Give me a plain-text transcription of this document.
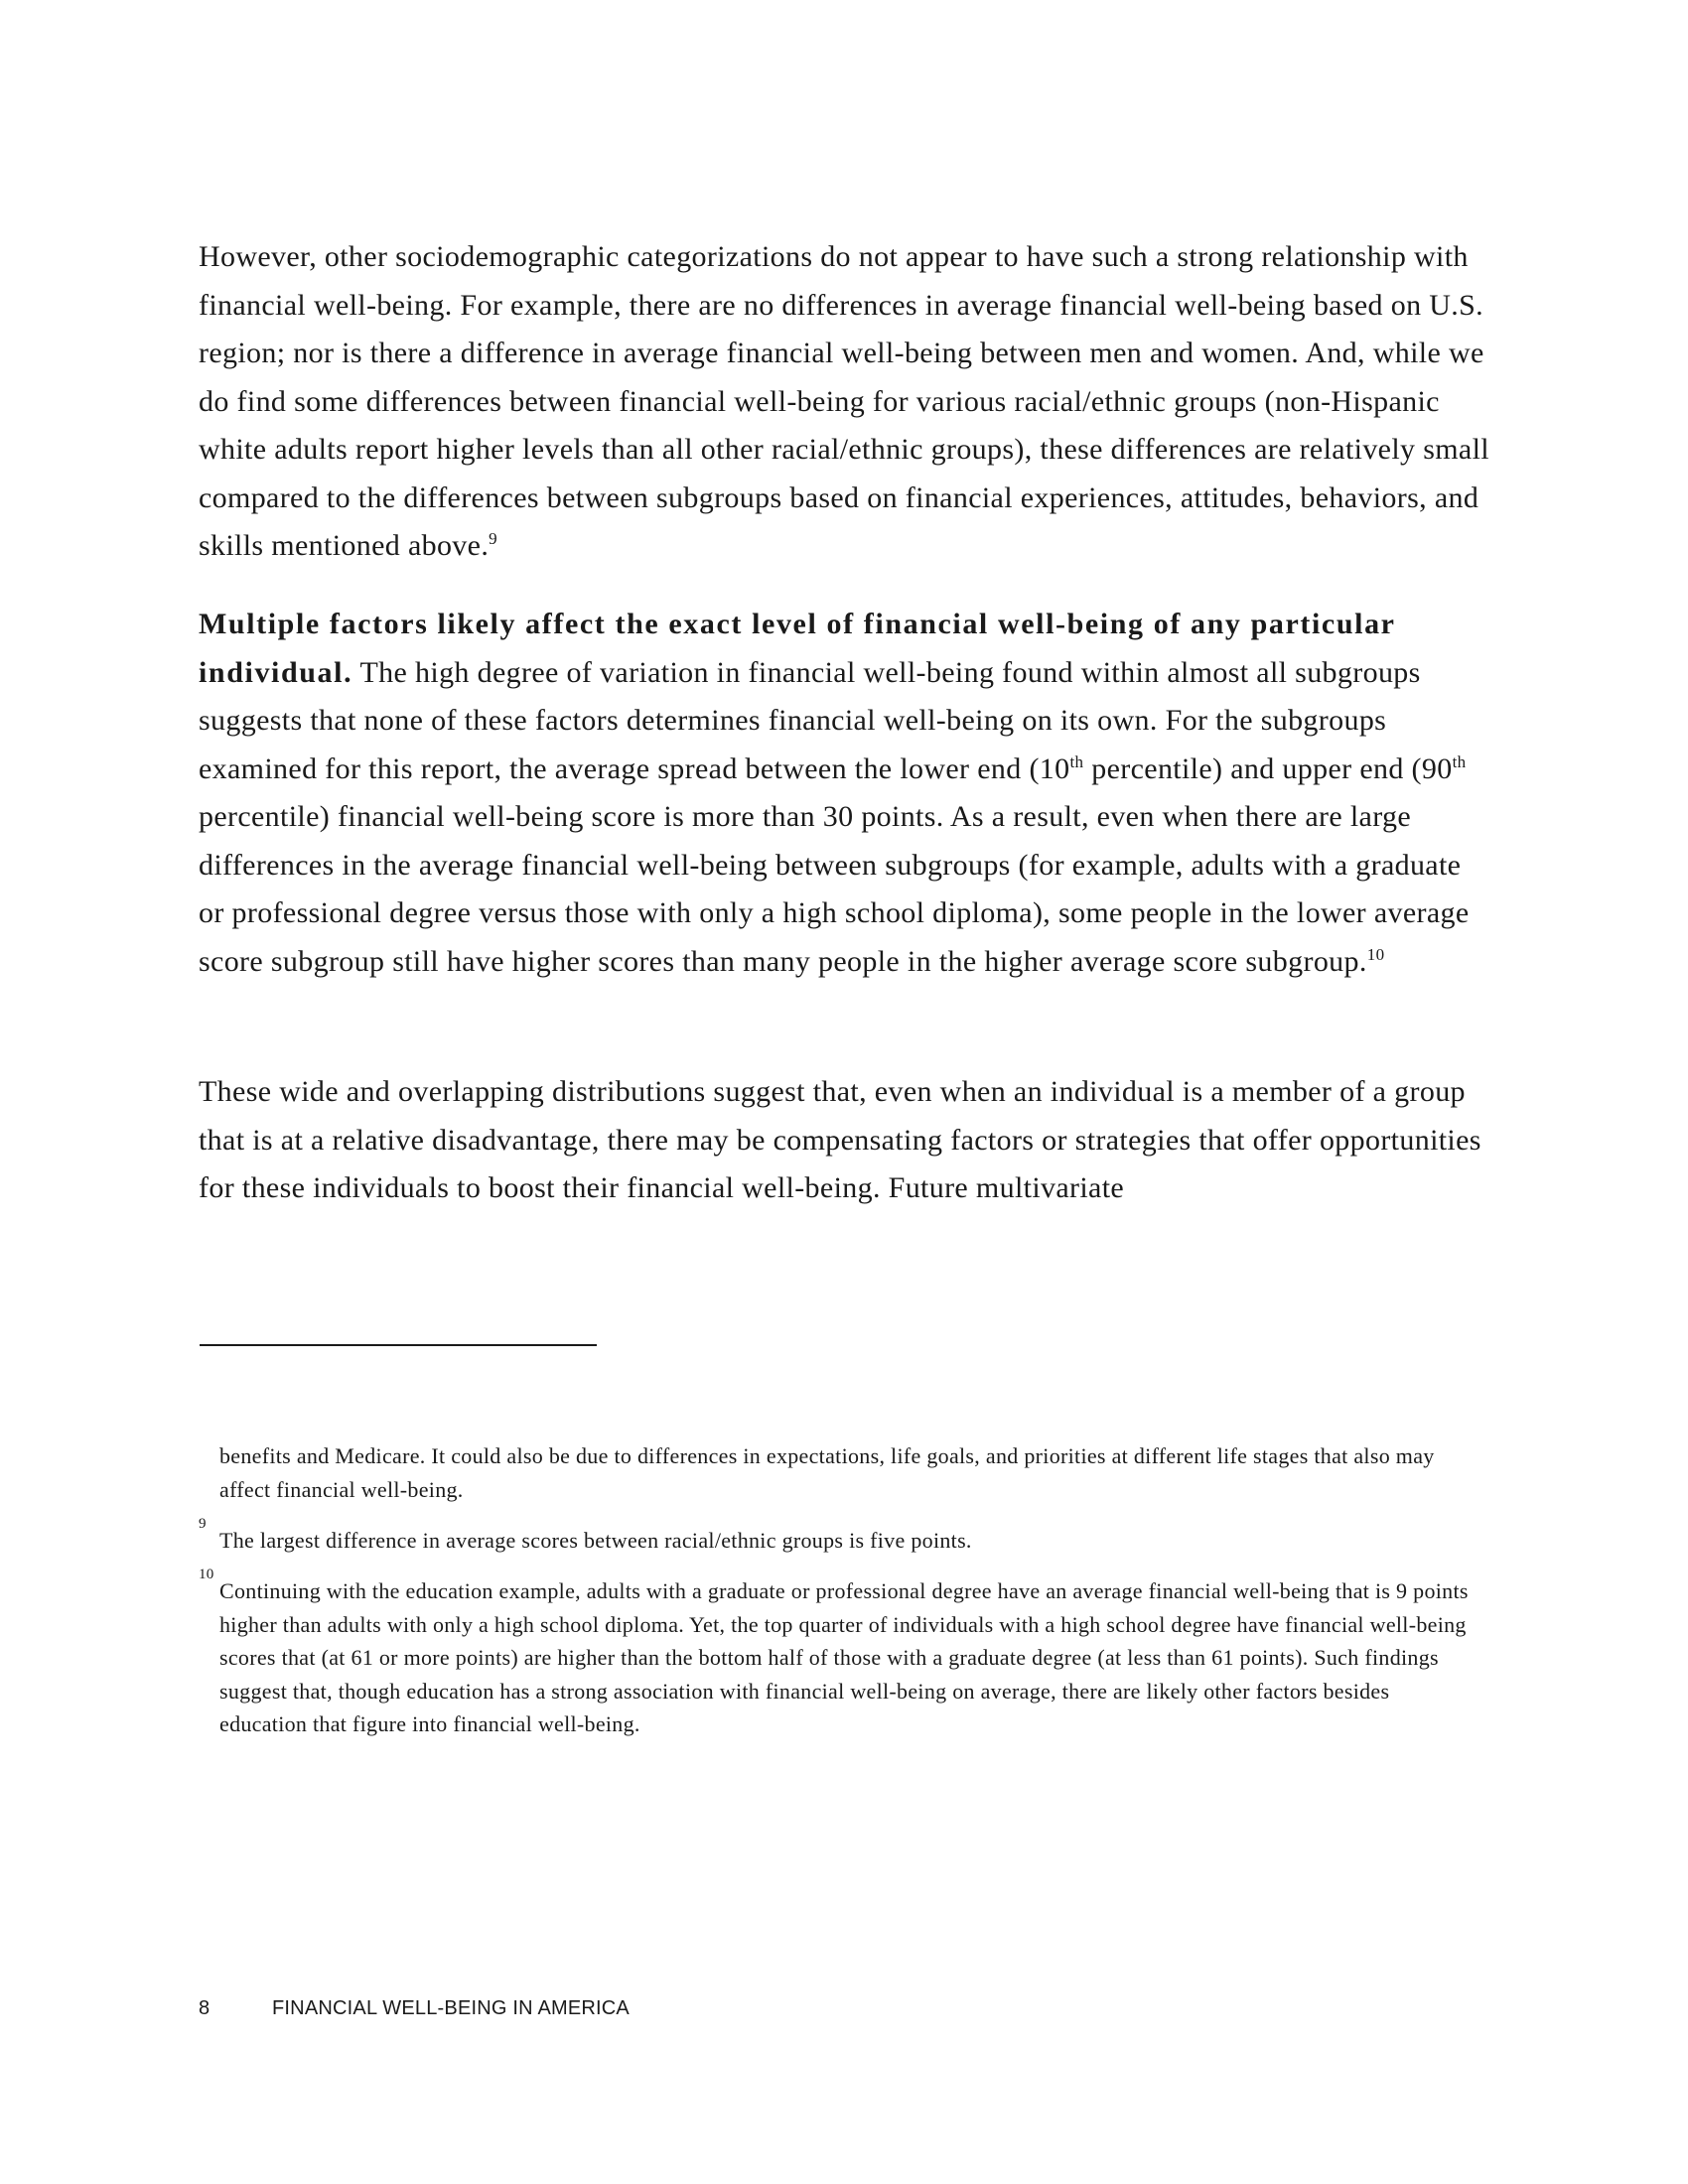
However, other sociodemographic categorizations do not appear to have such a strong relationship with financial well-being. For example, there are no differences in average financial well-being based on U.S. region; nor is there a difference in average financial well-being between men and women. And, while we do find some differences between financial well-being for various racial/ethnic groups (non-Hispanic white adults report higher levels than all other racial/ethnic groups), these differences are relatively small compared to the differences between subgroups based on financial experiences, attitudes, behaviors, and skills mentioned above.$^9$

Multiple factors likely affect the exact level of financial well-being of any particular individual. The high degree of variation in financial well-being found within almost all subgroups suggests that none of these factors determines financial well-being on its own. For the subgroups examined for this report, the average spread between the lower end (10th percentile) and upper end (90th percentile) financial well-being score is more than 30 points. As a result, even when there are large differences in the average financial well-being between subgroups (for example, adults with a graduate or professional degree versus those with only a high school diploma), some people in the lower average score subgroup still have higher scores than many people in the higher average score subgroup.$^{10}$

These wide and overlapping distributions suggest that, even when an individual is a member of a group that is at a relative disadvantage, there may be compensating factors or strategies that offer opportunities for these individuals to boost their financial well-being. Future multivariate

benefits and Medicare. It could also be due to differences in expectations, life goals, and priorities at different life stages that also may affect financial well-being.
9
The largest difference in average scores between racial/ethnic groups is five points.
10
Continuing with the education example, adults with a graduate or professional degree have an average financial well-being that is 9 points higher than adults with only a high school diploma. Yet, the top quarter of individuals with a high school degree have financial well-being scores that (at 61 or more points) are higher than the bottom half of those with a graduate degree (at less than 61 points). Such findings suggest that, though education has a strong association with financial well-being on average, there are likely other factors besides education that figure into financial well-being.
8	FINANCIAL WELL-BEING IN AMERICA
